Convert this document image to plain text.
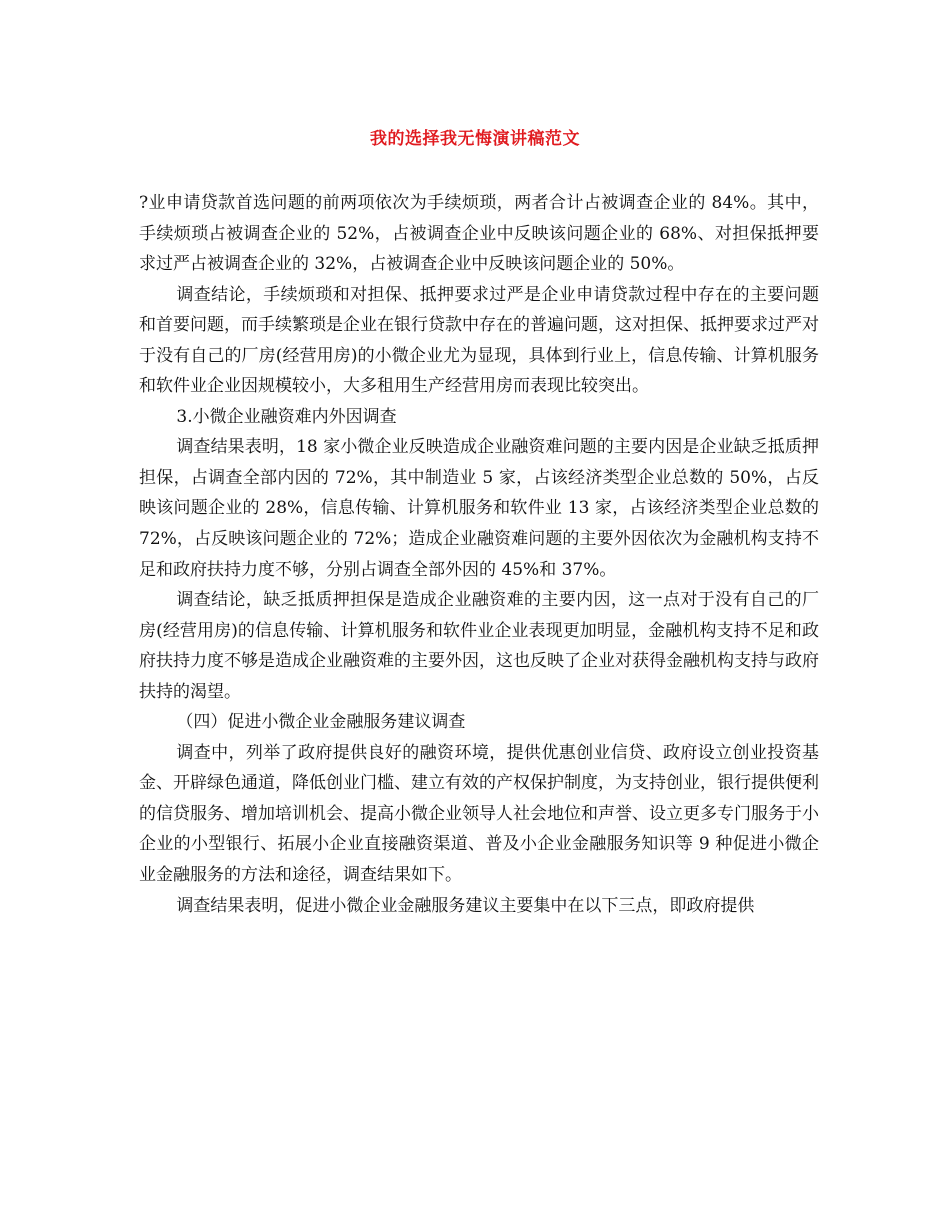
我的选择我无悔演讲稿范文

?业申请贷款首选问题的前两项依次为手续烦琐，两者合计占被调查企业的 84%。其中，手续烦琐占被调查企业的 52%，占被调查企业中反映该问题企业的 68%、对担保抵押要求过严占被调查企业的 32%，占被调查企业中反映该问题企业的 50%。

调查结论，手续烦琐和对担保、抵押要求过严是企业申请贷款过程中存在的主要问题和首要问题，而手续繁琐是企业在银行贷款中存在的普遍问题，这对担保、抵押要求过严对于没有自己的厂房(经营用房)的小微企业尤为显现，具体到行业上，信息传输、计算机服务和软件业企业因规模较小，大多租用生产经营用房而表现比较突出。

3.小微企业融资难内外因调查

调查结果表明，18 家小微企业反映造成企业融资难问题的主要内因是企业缺乏抵质押担保，占调查全部内因的 72%，其中制造业 5 家，占该经济类型企业总数的 50%，占反映该问题企业的 28%，信息传输、计算机服务和软件业 13 家，占该经济类型企业总数的 72%，占反映该问题企业的 72%；造成企业融资难问题的主要外因依次为金融机构支持不足和政府扶持力度不够，分别占调查全部外因的 45%和 37%。

调查结论，缺乏抵质押担保是造成企业融资难的主要内因，这一点对于没有自己的厂房(经营用房)的信息传输、计算机服务和软件业企业表现更加明显，金融机构支持不足和政府扶持力度不够是造成企业融资难的主要外因，这也反映了企业对获得金融机构支持与政府扶持的渴望。

（四）促进小微企业金融服务建议调查

调查中，列举了政府提供良好的融资环境，提供优惠创业信贷、政府设立创业投资基金、开辟绿色通道，降低创业门槛、建立有效的产权保护制度，为支持创业，银行提供便利的信贷服务、增加培训机会、提高小微企业领导人社会地位和声誉、设立更多专门服务于小企业的小型银行、拓展小企业直接融资渠道、普及小企业金融服务知识等 9 种促进小微企业金融服务的方法和途径，调查结果如下。

调查结果表明，促进小微企业金融服务建议主要集中在以下三点，即政府提供
